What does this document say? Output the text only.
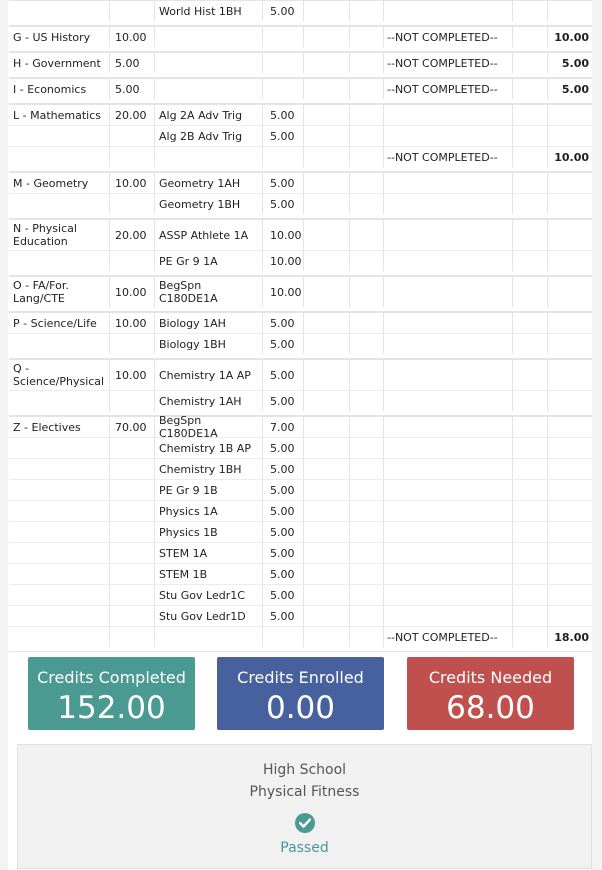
World Hist 1BH	5.00
G - US History	10.00	--NOT COMPLETED--	10.00
H - Government	5.00	--NOT COMPLETED--	5.00
I - Economics	5.00	--NOT COMPLETED--	5.00
L - Mathematics	20.00	Alg 2A Adv Trig	5.00
Alg 2B Adv Trig	5.00
--NOT COMPLETED--	10.00
M - Geometry	10.00	Geometry 1AH	5.00
Geometry 1BH	5.00
N - Physical Education	20.00	ASSP Athlete 1A	10.00
PE Gr 9 1A	10.00
O - FA/For. Lang/CTE	10.00	BegSpn C180DE1A	10.00
P - Science/Life	10.00	Biology 1AH	5.00
Biology 1BH	5.00
Q - Science/Physical 10.00	Chemistry 1A AP	5.00
Chemistry 1AH	5.00
Z - Electives	70.00	BegSpn C180DE1A	7.00
Chemistry 1B AP	5.00
Chemistry 1BH	5.00
PE Gr 9 1B	5.00
Physics 1A	5.00
Physics 1B	5.00
STEM 1A	5.00
STEM 1B	5.00
Stu Gov Ledr1C	5.00
Stu Gov Ledr1D	5.00
--NOT COMPLETED--	18.00
Credits Completed
152.00
Credits Enrolled
0.00
Credits Needed
68.00
High School
Physical Fitness
Passed
